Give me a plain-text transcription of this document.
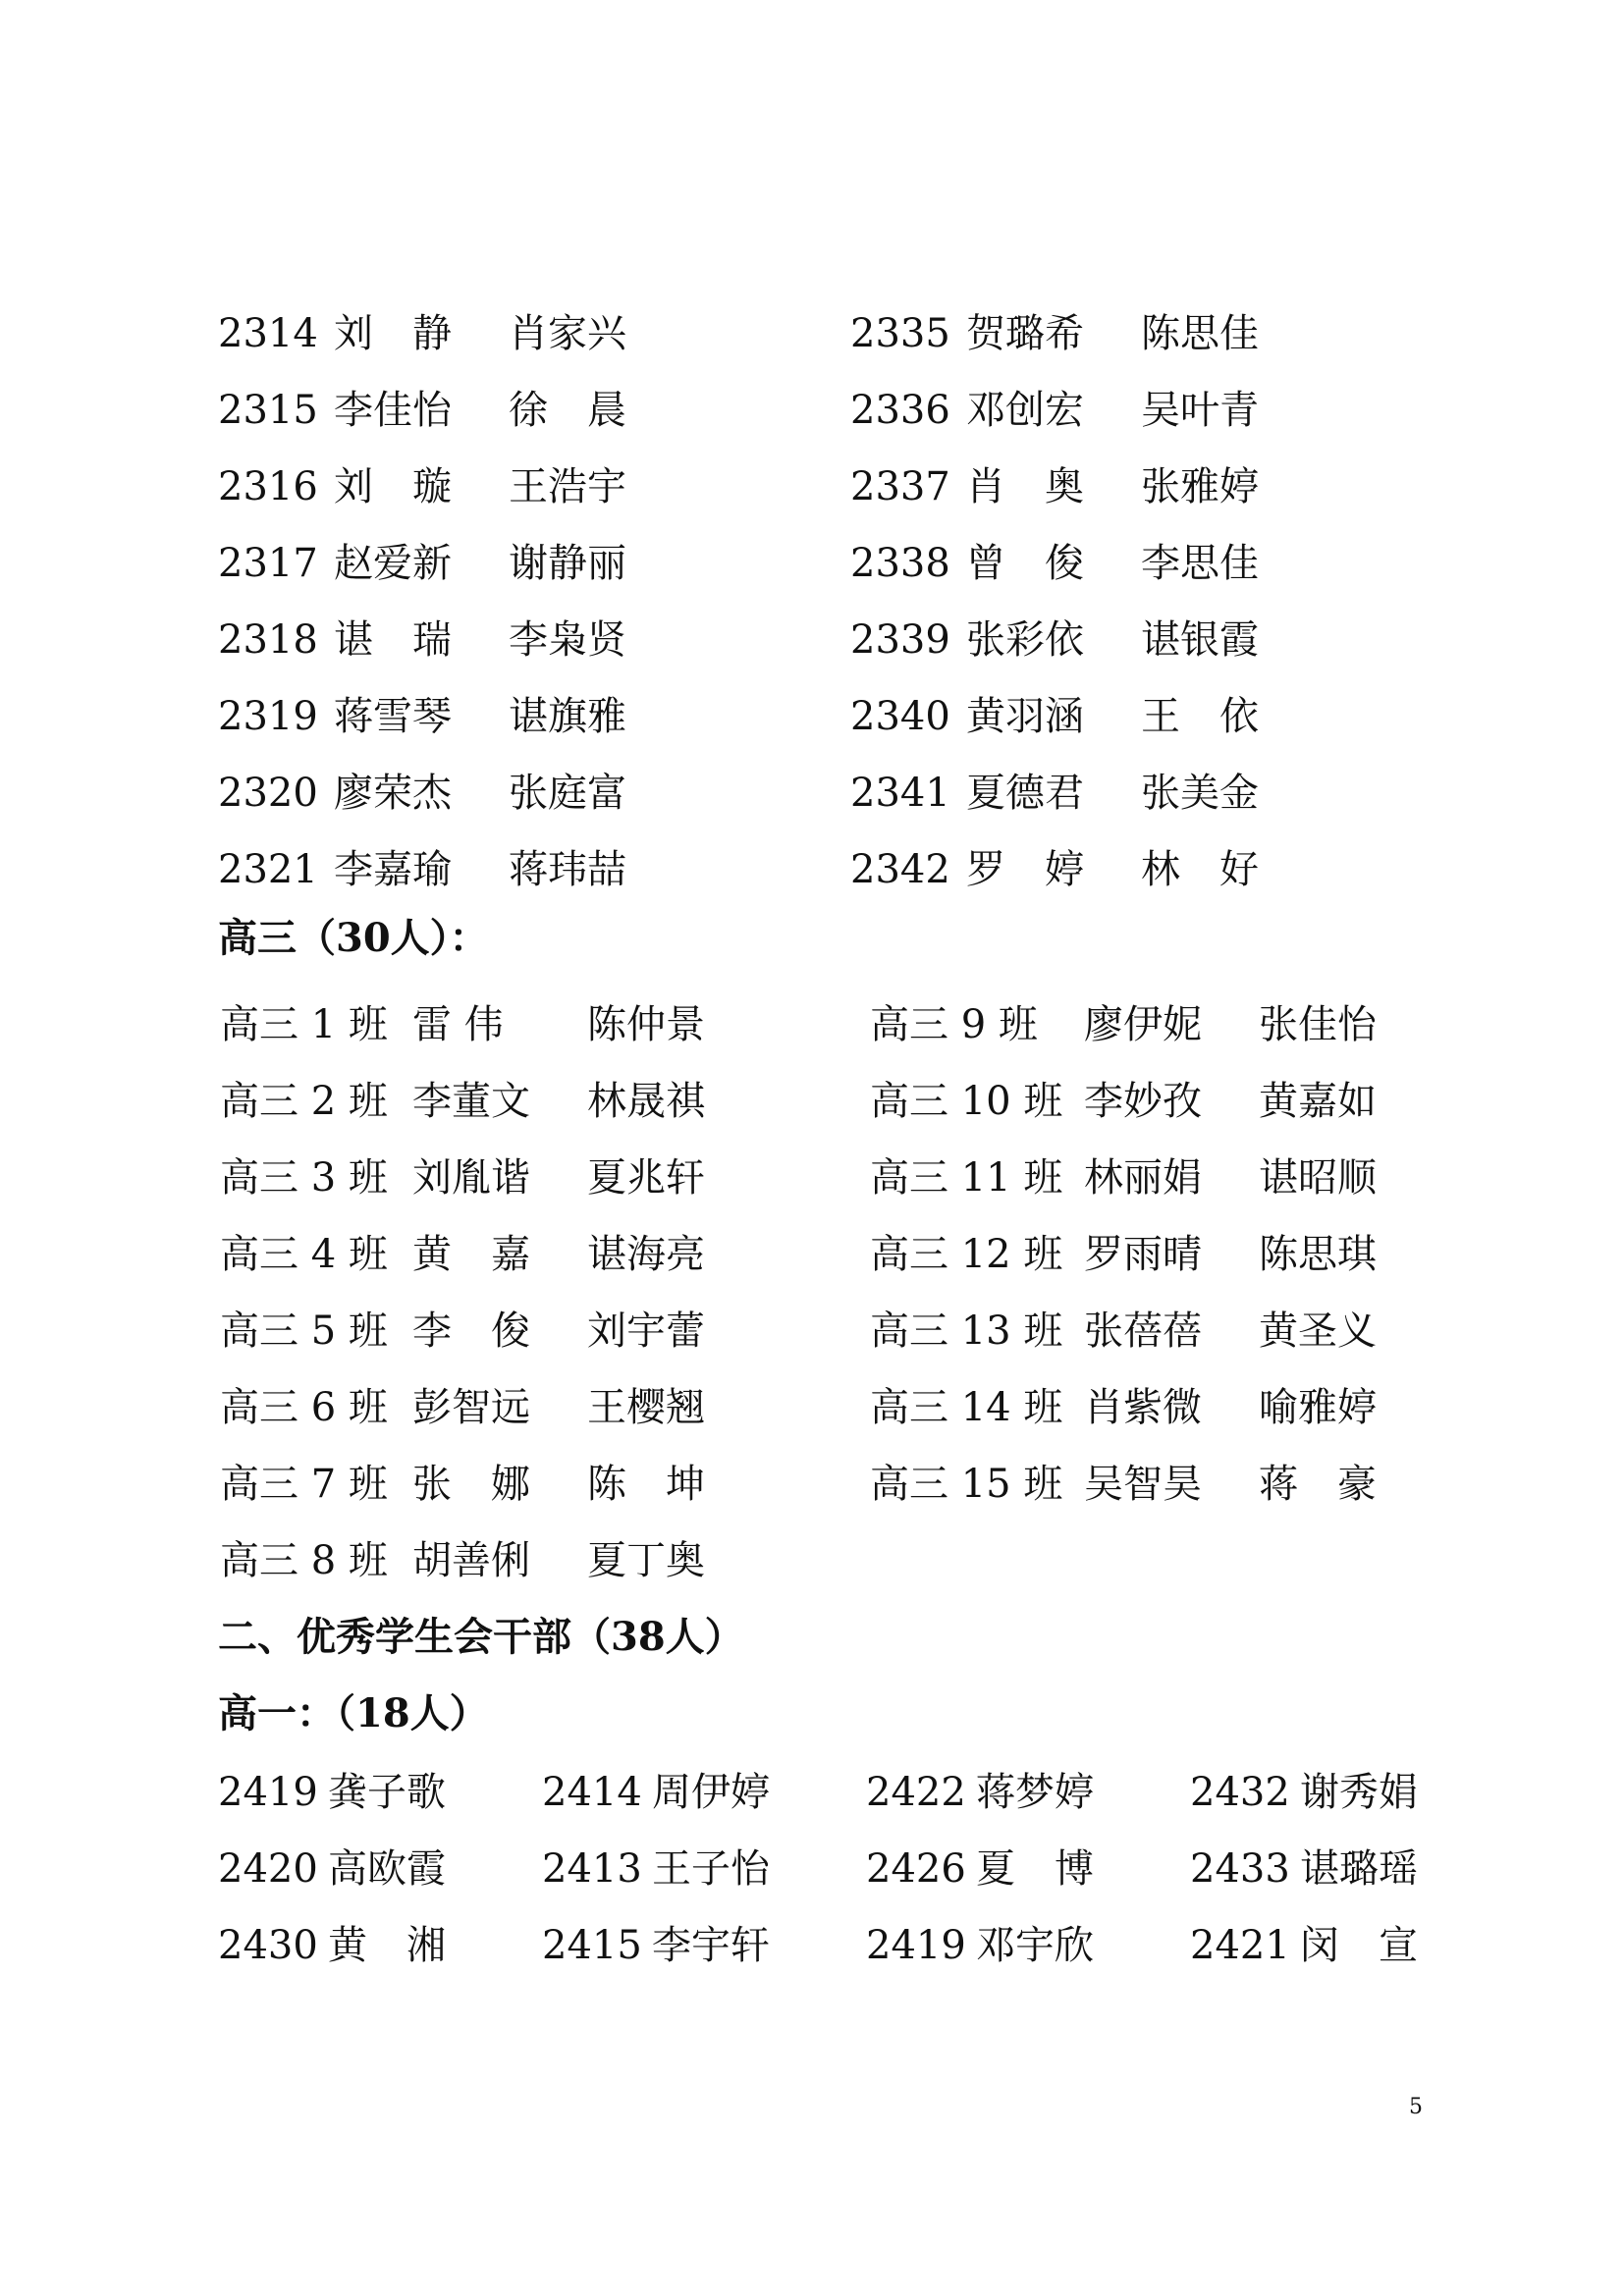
2314 刘　静 肖家兴
2315 李佳怡 徐　晨
2316 刘　璇 王浩宇
2317 赵爱新 谢静丽
2318 谌　瑞 李枭贤
2319 蒋雪琴 谌旗雅
2320 廖荣杰 张庭富
2321 李嘉瑜 蒋玮喆
2335 贺璐希 陈思佳
2336 邓创宏 吴叶青
2337 肖　奥 张雅婷
2338 曾　俊 李思佳
2339 张彩依 谌银霞
2340 黄羽涵 王　依
2341 夏德君 张美金
2342 罗　婷 林　好
高三（30人）：
高三 1 班 雷 伟 陈仲景
高三 2 班 李董文 林晟祺
高三 3 班 刘胤谐 夏兆轩
高三 4 班 黄　嘉 谌海亮
高三 5 班 李　俊 刘宇蕾
高三 6 班 彭智远 王樱翘
高三 7 班 张　娜 陈　坤
高三 8 班 胡善俐 夏丁奥
高三 9 班 廖伊妮 张佳怡
高三 10 班 李妙孜 黄嘉如
高三 11 班 林丽娟 谌昭顺
高三 12 班 罗雨晴 陈思琪
高三 13 班 张蓓蓓 黄圣义
高三 14 班 肖紫微 喻雅婷
高三 15 班 吴智昊 蒋　豪
二、优秀学生会干部（38人）
高一：（18人）
2419 龚子歌 2414 周伊婷 2422 蒋梦婷 2432 谢秀娟
2420 高欧霞 2413 王子怡 2426 夏　博 2433 谌璐瑶
2430 黄　湘 2415 李宇轩 2419 邓宇欣 2421 闵　宣
5
